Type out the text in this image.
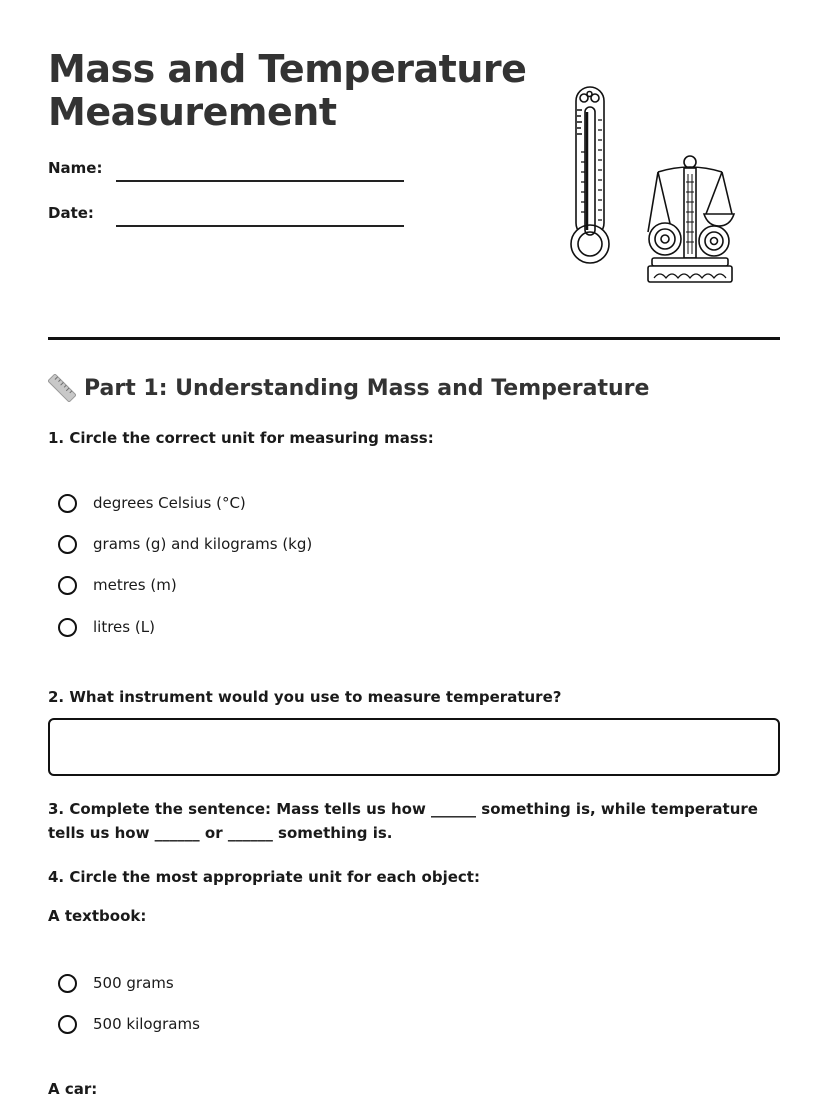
Mass and Temperature Measurement
Name:
Date:
Part 1: Understanding Mass and Temperature
1. Circle the correct unit for measuring mass:
degrees Celsius (°C)
grams (g) and kilograms (kg)
metres (m)
litres (L)
2. What instrument would you use to measure temperature?
3. Complete the sentence: Mass tells us how ______ something is, while temperature tells us how ______ or ______ something is.
4. Circle the most appropriate unit for each object:
A textbook:
500 grams
500 kilograms
A car:
